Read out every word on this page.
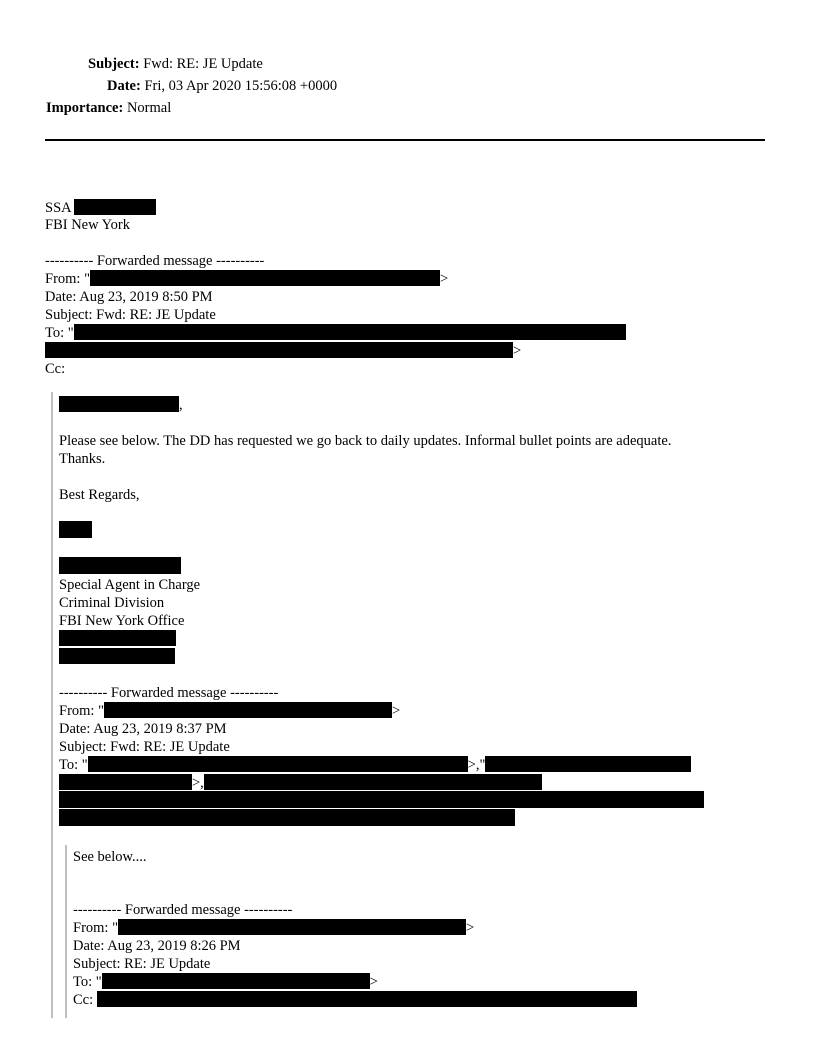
Subject: Fwd: RE: JE Update
Date: Fri, 03 Apr 2020 15:56:08 +0000
Importance: Normal
SSA
FBI New York
---------- Forwarded message ----------
From: "	>
Date: Aug 23, 2019 8:50 PM
Subject: Fwd: RE: JE Update
To: "
>
Cc:
,
Please see below. The DD has requested we go back to daily updates. Informal bullet points are adequate.
Thanks.
Best Regards,
Special Agent in Charge
Criminal Division
FBI New York Office
---------- Forwarded message ----------
From: "	>
Date: Aug 23, 2019 8:37 PM
Subject: Fwd: RE: JE Update
To: "	>,"
>,
See below....
---------- Forwarded message ----------
From: "	>
Date: Aug 23, 2019 8:26 PM
Subject: RE: JE Update
To: "	>
Cc:
